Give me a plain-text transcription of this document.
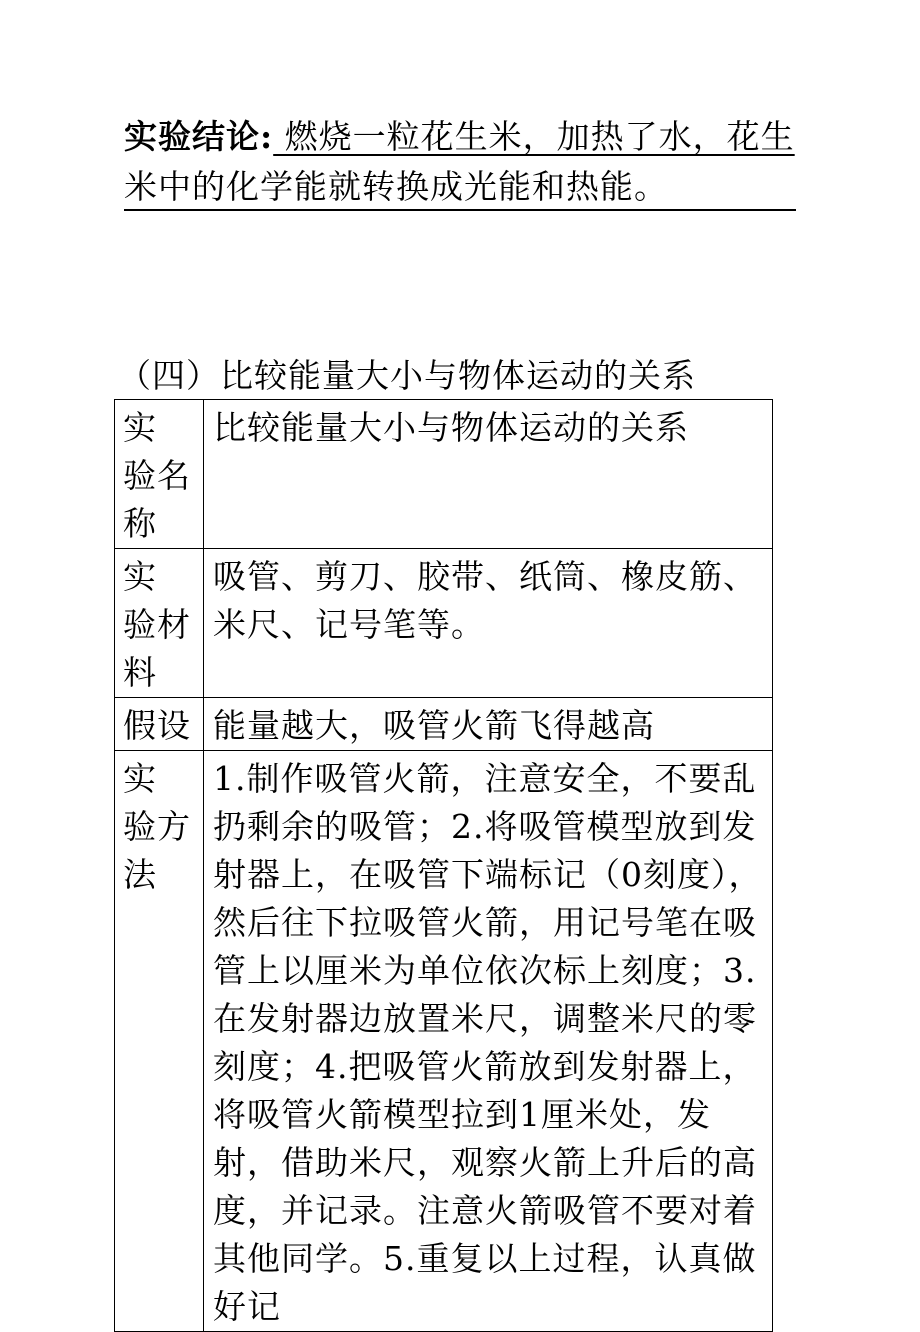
实验结论: 燃烧一粒花生米，加热了水，花生
米中的化学能就转换成光能和热能。
（四）比较能量大小与物体运动的关系
实 验名称	比较能量大小与物体运动的关系
实 验材料	吸管、剪刀、胶带、纸筒、橡皮筋、米尺、记号笔等。
假设	能量越大，吸管火箭飞得越高
实 验方法	1.制作吸管火箭，注意安全，不要乱扔剩余的吸管；2.将吸管模型放到发射器上，在吸管下端标记（0刻度），然后往下拉吸管火箭，用记号笔在吸管上以厘米为单位依次标上刻度；3.在发射器边放置米尺，调整米尺的零刻度；4.把吸管火箭放到发射器上，将吸管火箭模型拉到1厘米处，发射，借助米尺，观察火箭上升后的高度，并记录。注意火箭吸管不要对着其他同学。5.重复以上过程，认真做好记
